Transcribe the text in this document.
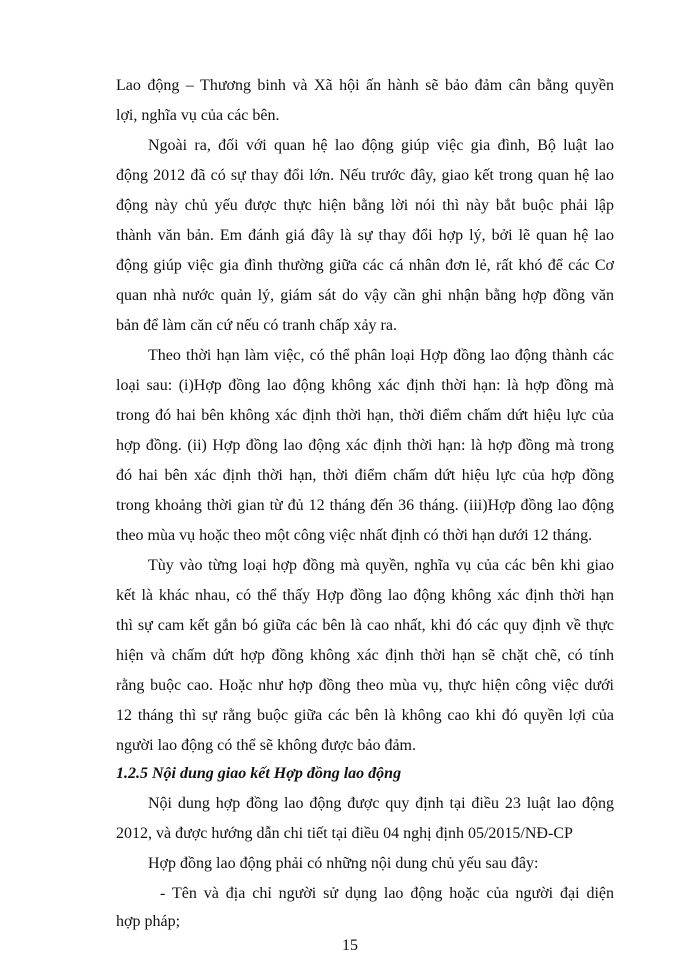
Lao động – Thương binh và Xã hội ấn hành sẽ bảo đảm cân bằng quyền
lợi, nghĩa vụ của các bên.
Ngoài ra, đối với quan hệ lao động giúp việc gia đình, Bộ luật lao
động 2012 đã có sự thay đổi lớn. Nếu trước đây, giao kết trong quan hệ lao
động này chủ yếu được thực hiện bằng lời nói thì này bắt buộc phải lập
thành văn bản. Em đánh giá đây là sự thay đổi hợp lý, bởi lẽ quan hệ lao
động giúp việc gia đình thường giữa các cá nhân đơn lẻ, rất khó để các Cơ
quan nhà nước quản lý, giám sát do vậy cần ghi nhận bằng hợp đồng văn
bản để làm căn cứ nếu có tranh chấp xảy ra.
Theo thời hạn làm việc, có thể phân loại Hợp đồng lao động thành các
loại sau: (i)Hợp đồng lao động không xác định thời hạn: là hợp đồng mà
trong đó hai bên không xác định thời hạn, thời điểm chấm dứt hiệu lực của
hợp đồng. (ii) Hợp đồng lao động xác định thời hạn: là hợp đồng mà trong
đó hai bên xác định thời hạn, thời điểm chấm dứt hiệu lực của hợp đồng
trong khoảng thời gian từ đủ 12 tháng đến 36 tháng. (iii)Hợp đồng lao động
theo mùa vụ hoặc theo một công việc nhất định có thời hạn dưới 12 tháng.
Tùy vào từng loại hợp đồng mà quyền, nghĩa vụ của các bên khi giao
kết là khác nhau, có thể thấy Hợp đồng lao động không xác định thời hạn
thì sự cam kết gắn bó giữa các bên là cao nhất, khi đó các quy định về thực
hiện và chấm dứt hợp đồng không xác định thời hạn sẽ chặt chẽ, có tính
rằng buộc cao. Hoặc như hợp đồng theo mùa vụ, thực hiện công việc dưới
12 tháng thì sự rằng buộc giữa các bên là không cao khi đó quyền lợi của
người lao động có thể sẽ không được bảo đảm.
1.2.5 Nội dung giao kết Hợp đồng lao động
Nội dung hợp đồng lao động được quy định tại điều 23 luật lao động
2012, và được hướng dẫn chi tiết tại điều 04 nghị định 05/2015/NĐ-CP
Hợp đồng lao động phải có những nội dung chủ yếu sau đây:
- Tên và địa chỉ người sử dụng lao động hoặc của người đại diện
hợp pháp;
15
